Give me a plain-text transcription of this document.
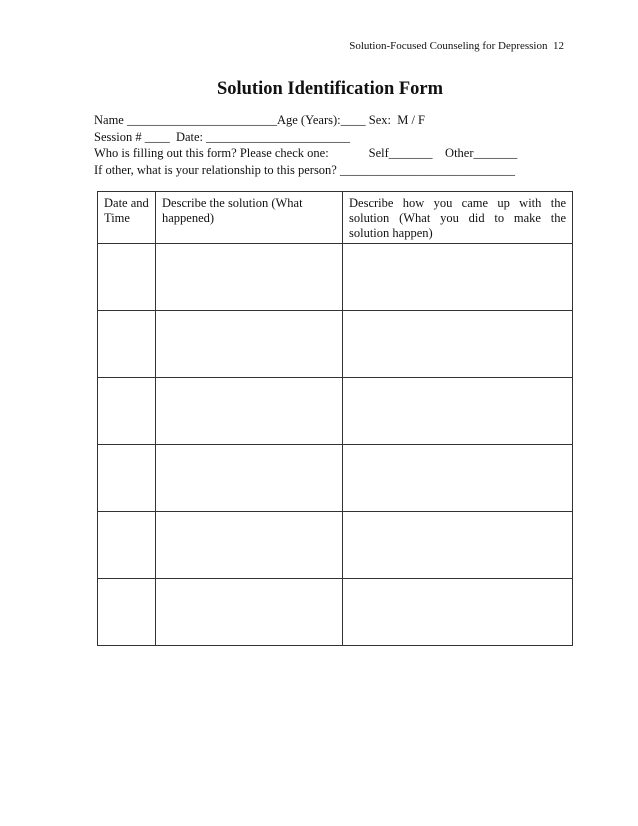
Solution-Focused Counseling for Depression 12
Solution Identification Form
Name ________________________Age (Years):____ Sex:  M / F
Session # ____  Date: _______________________
Who is filling out this form? Please check one:	Self_______    Other_______
If other, what is your relationship to this person? ____________________________
Date and Time	Describe the solution (What happened)	Describe how you came up with the solution (What you did to make the solution happen)
